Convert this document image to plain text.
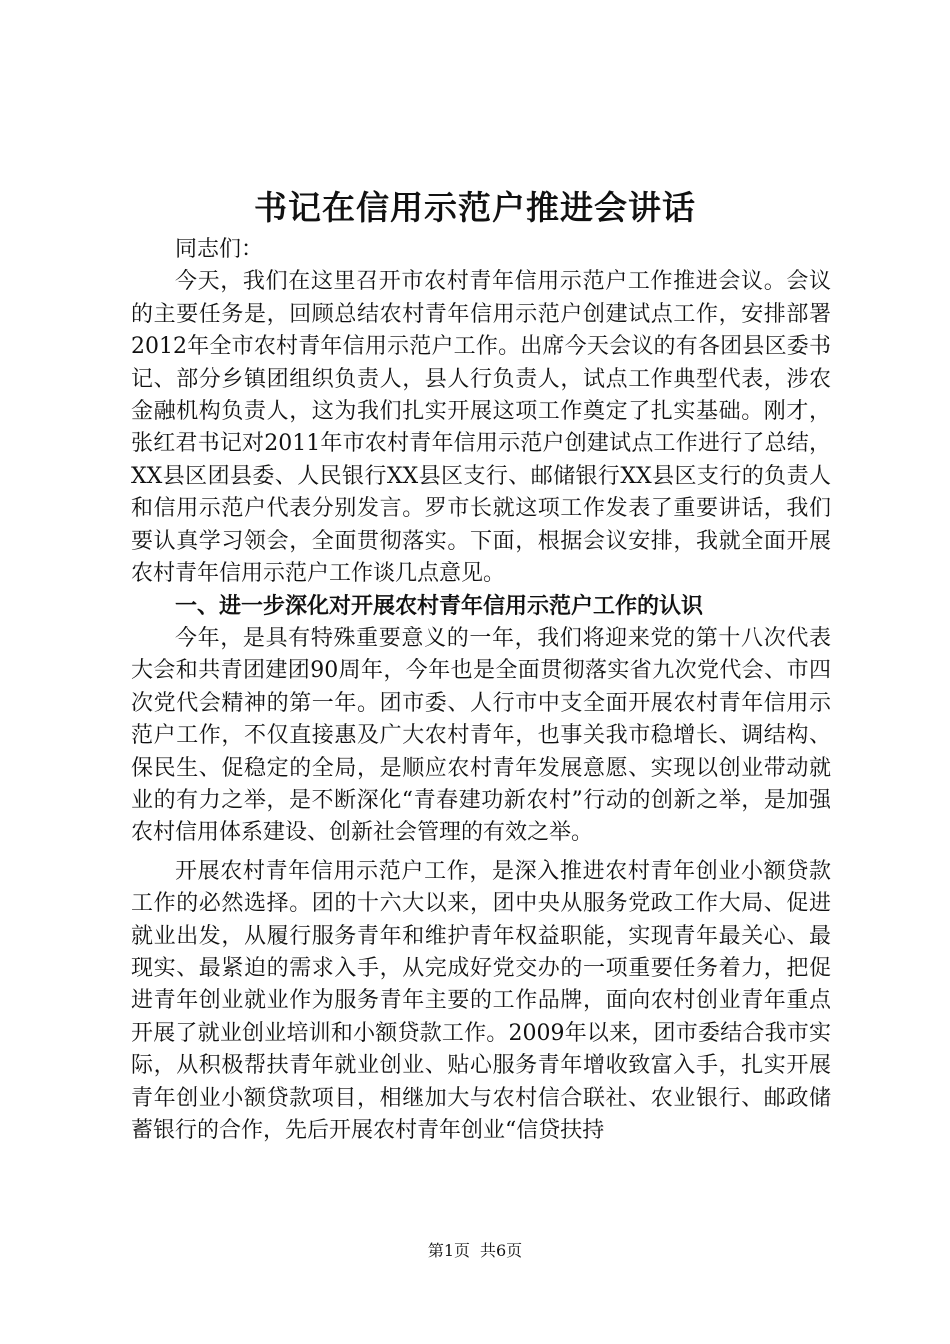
书记在信用示范户推进会讲话

同志们：

今天，我们在这里召开市农村青年信用示范户工作推进会议。会议的主要任务是，回顾总结农村青年信用示范户创建试点工作，安排部署2012年全市农村青年信用示范户工作。出席今天会议的有各团县区委书记、部分乡镇团组织负责人，县人行负责人，试点工作典型代表，涉农金融机构负责人，这为我们扎实开展这项工作奠定了扎实基础。刚才，张红君书记对2011年市农村青年信用示范户创建试点工作进行了总结，XX县区团县委、人民银行XX县区支行、邮储银行XX县区支行的负责人和信用示范户代表分别发言。罗市长就这项工作发表了重要讲话，我们要认真学习领会，全面贯彻落实。下面，根据会议安排，我就全面开展农村青年信用示范户工作谈几点意见。

一、进一步深化对开展农村青年信用示范户工作的认识

今年，是具有特殊重要意义的一年，我们将迎来党的第十八次代表大会和共青团建团90周年，今年也是全面贯彻落实省九次党代会、市四次党代会精神的第一年。团市委、人行市中支全面开展农村青年信用示范户工作，不仅直接惠及广大农村青年，也事关我市稳增长、调结构、保民生、促稳定的全局，是顺应农村青年发展意愿、实现以创业带动就业的有力之举，是不断深化“青春建功新农村”行动的创新之举，是加强农村信用体系建设、创新社会管理的有效之举。

开展农村青年信用示范户工作，是深入推进农村青年创业小额贷款工作的必然选择。团的十六大以来，团中央从服务党政工作大局、促进就业出发，从履行服务青年和维护青年权益职能，实现青年最关心、最现实、最紧迫的需求入手，从完成好党交办的一项重要任务着力，把促进青年创业就业作为服务青年主要的工作品牌，面向农村创业青年重点开展了就业创业培训和小额贷款工作。2009年以来，团市委结合我市实际，从积极帮扶青年就业创业、贴心服务青年增收致富入手，扎实开展青年创业小额贷款项目，相继加大与农村信合联社、农业银行、邮政储蓄银行的合作，先后开展农村青年创业“信贷扶持

第1页 共6页
